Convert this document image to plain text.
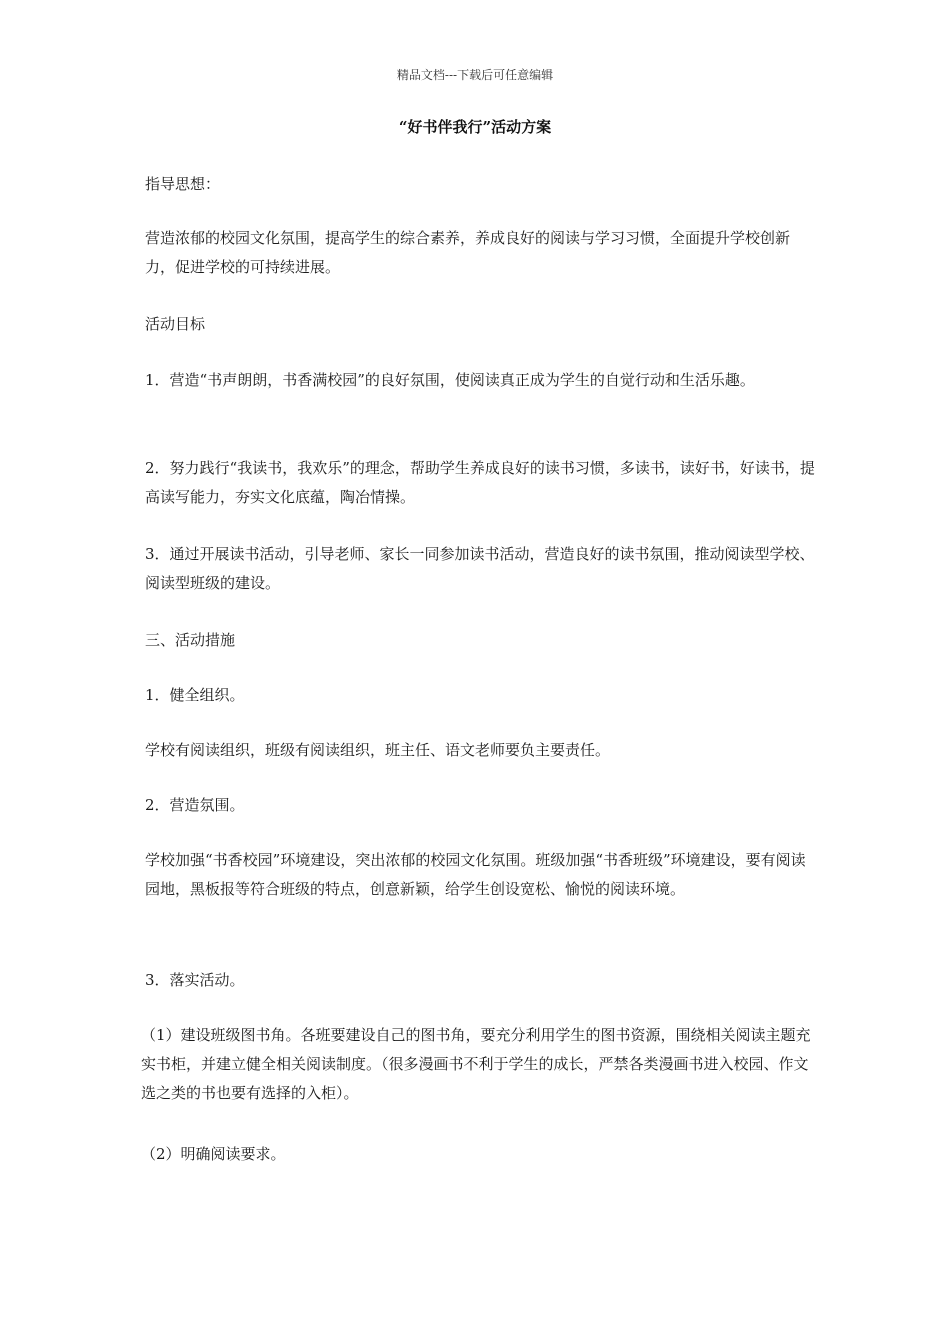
精品文档---下载后可任意编辑
“好书伴我行”活动方案

指导思想：

营造浓郁的校园文化氛围，提高学生的综合素养，养成良好的阅读与学习习惯，全面提升学校创新力，促进学校的可持续进展。

活动目标

1．营造“书声朗朗，书香满校园”的良好氛围，使阅读真正成为学生的自觉行动和生活乐趣。

2．努力践行“我读书，我欢乐”的理念，帮助学生养成良好的读书习惯，多读书，读好书，好读书，提高读写能力，夯实文化底蕴，陶冶情操。

3．通过开展读书活动，引导老师、家长一同参加读书活动，营造良好的读书氛围，推动阅读型学校、阅读型班级的建设。

三、活动措施

1．健全组织。

学校有阅读组织，班级有阅读组织，班主任、语文老师要负主要责任。

2．营造氛围。

学校加强“书香校园”环境建设，突出浓郁的校园文化氛围。班级加强“书香班级”环境建设，要有阅读园地，黑板报等符合班级的特点，创意新颖，给学生创设宽松、愉悦的阅读环境。

3．落实活动。

（1）建设班级图书角。各班要建设自己的图书角，要充分利用学生的图书资源，围绕相关阅读主题充实书柜，并建立健全相关阅读制度。（很多漫画书不利于学生的成长，严禁各类漫画书进入校园、作文选之类的书也要有选择的入柜）。

（2）明确阅读要求。
